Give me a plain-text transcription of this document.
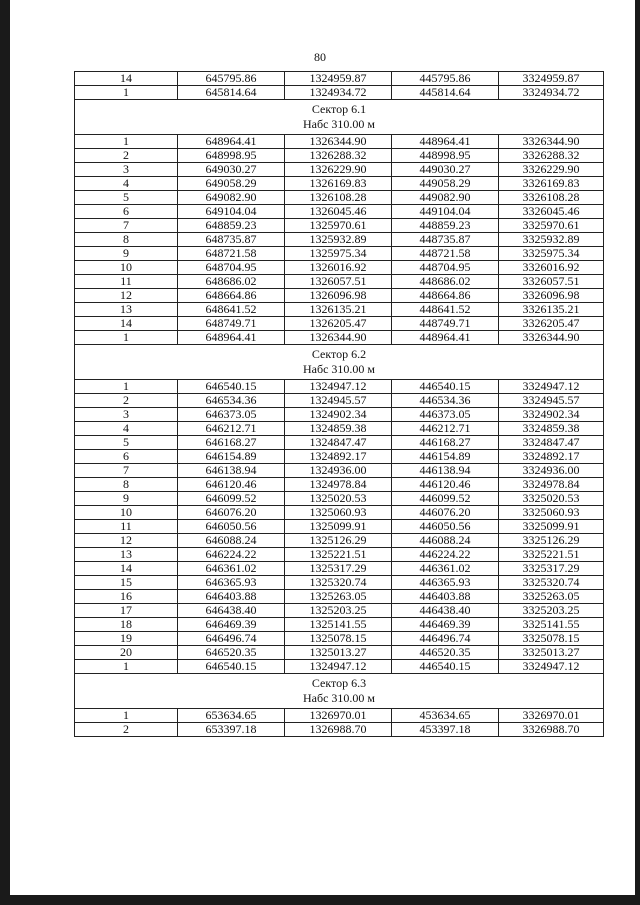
80
14	645795.86	1324959.87	445795.86	3324959.87
1	645814.64	1324934.72	445814.64	3324934.72

Сектор 6.1
Набс 310.00 м				

1	648964.41	1326344.90	448964.41	3326344.90
2	648998.95	1326288.32	448998.95	3326288.32
3	649030.27	1326229.90	449030.27	3326229.90
4	649058.29	1326169.83	449058.29	3326169.83
5	649082.90	1326108.28	449082.90	3326108.28
6	649104.04	1326045.46	449104.04	3326045.46
7	648859.23	1325970.61	448859.23	3325970.61
8	648735.87	1325932.89	448735.87	3325932.89
9	648721.58	1325975.34	448721.58	3325975.34
10	648704.95	1326016.92	448704.95	3326016.92
11	648686.02	1326057.51	448686.02	3326057.51
12	648664.86	1326096.98	448664.86	3326096.98
13	648641.52	1326135.21	448641.52	3326135.21
14	648749.71	1326205.47	448749.71	3326205.47
1	648964.41	1326344.90	448964.41	3326344.90

Сектор 6.2
Набс 310.00 м				

1	646540.15	1324947.12	446540.15	3324947.12
2	646534.36	1324945.57	446534.36	3324945.57
3	646373.05	1324902.34	446373.05	3324902.34
4	646212.71	1324859.38	446212.71	3324859.38
5	646168.27	1324847.47	446168.27	3324847.47
6	646154.89	1324892.17	446154.89	3324892.17
7	646138.94	1324936.00	446138.94	3324936.00
8	646120.46	1324978.84	446120.46	3324978.84
9	646099.52	1325020.53	446099.52	3325020.53
10	646076.20	1325060.93	446076.20	3325060.93
11	646050.56	1325099.91	446050.56	3325099.91
12	646088.24	1325126.29	446088.24	3325126.29
13	646224.22	1325221.51	446224.22	3325221.51
14	646361.02	1325317.29	446361.02	3325317.29
15	646365.93	1325320.74	446365.93	3325320.74
16	646403.88	1325263.05	446403.88	3325263.05
17	646438.40	1325203.25	446438.40	3325203.25
18	646469.39	1325141.55	446469.39	3325141.55
19	646496.74	1325078.15	446496.74	3325078.15
20	646520.35	1325013.27	446520.35	3325013.27
1	646540.15	1324947.12	446540.15	3324947.12

Сектор 6.3
Набс 310.00 м				

1	653634.65	1326970.01	453634.65	3326970.01
2	653397.18	1326988.70	453397.18	3326988.70
